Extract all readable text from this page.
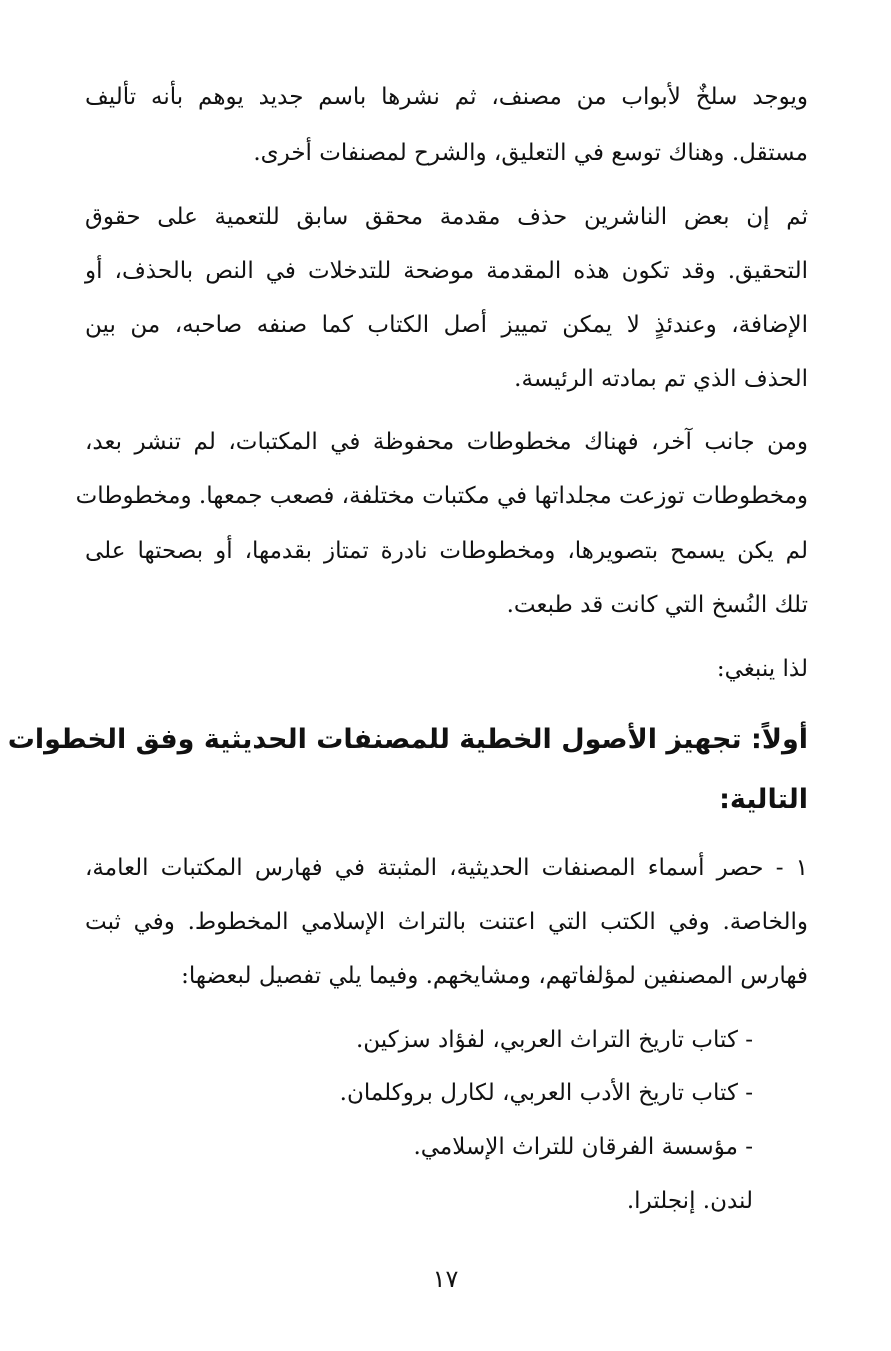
ويوجد سلخٌ لأبواب من مصنف، ثم نشرها باسم جديد يوهم بأنه تأليف
مستقل. وهناك توسع في التعليق، والشرح لمصنفات أخرى.
ثم إن بعض الناشرين حذف مقدمة محقق سابق للتعمية على حقوق
التحقيق. وقد تكون هذه المقدمة موضحة للتدخلات في النص بالحذف، أو
الإضافة، وعندئذٍ لا يمكن تمييز أصل الكتاب كما صنفه صاحبه، من بين
الحذف الذي تم بمادته الرئيسة.
ومن جانب آخر، فهناك مخطوطات محفوظة في المكتبات، لم تنشر بعد،
ومخطوطات توزعت مجلداتها في مكتبات مختلفة، فصعب جمعها. ومخطوطات
لم يكن يسمح بتصويرها، ومخطوطات نادرة تمتاز بقدمها، أو بصحتها على
تلك النُسخ التي كانت قد طبعت.
لذا ينبغي:
أولاً: تجهيز الأصول الخطية للمصنفات الحديثية وفق الخطوات
التالية:
١ - حصر أسماء المصنفات الحديثية، المثبتة في فهارس المكتبات العامة،
والخاصة. وفي الكتب التي اعتنت بالتراث الإسلامي المخطوط. وفي ثبت
فهارس المصنفين لمؤلفاتهم، ومشايخهم. وفيما يلي تفصيل لبعضها:
- كتاب تاريخ التراث العربي، لفؤاد سزكين.
- كتاب تاريخ الأدب العربي، لكارل بروكلمان.
- مؤسسة الفرقان للتراث الإسلامي.
لندن. إنجلترا.
١٧
